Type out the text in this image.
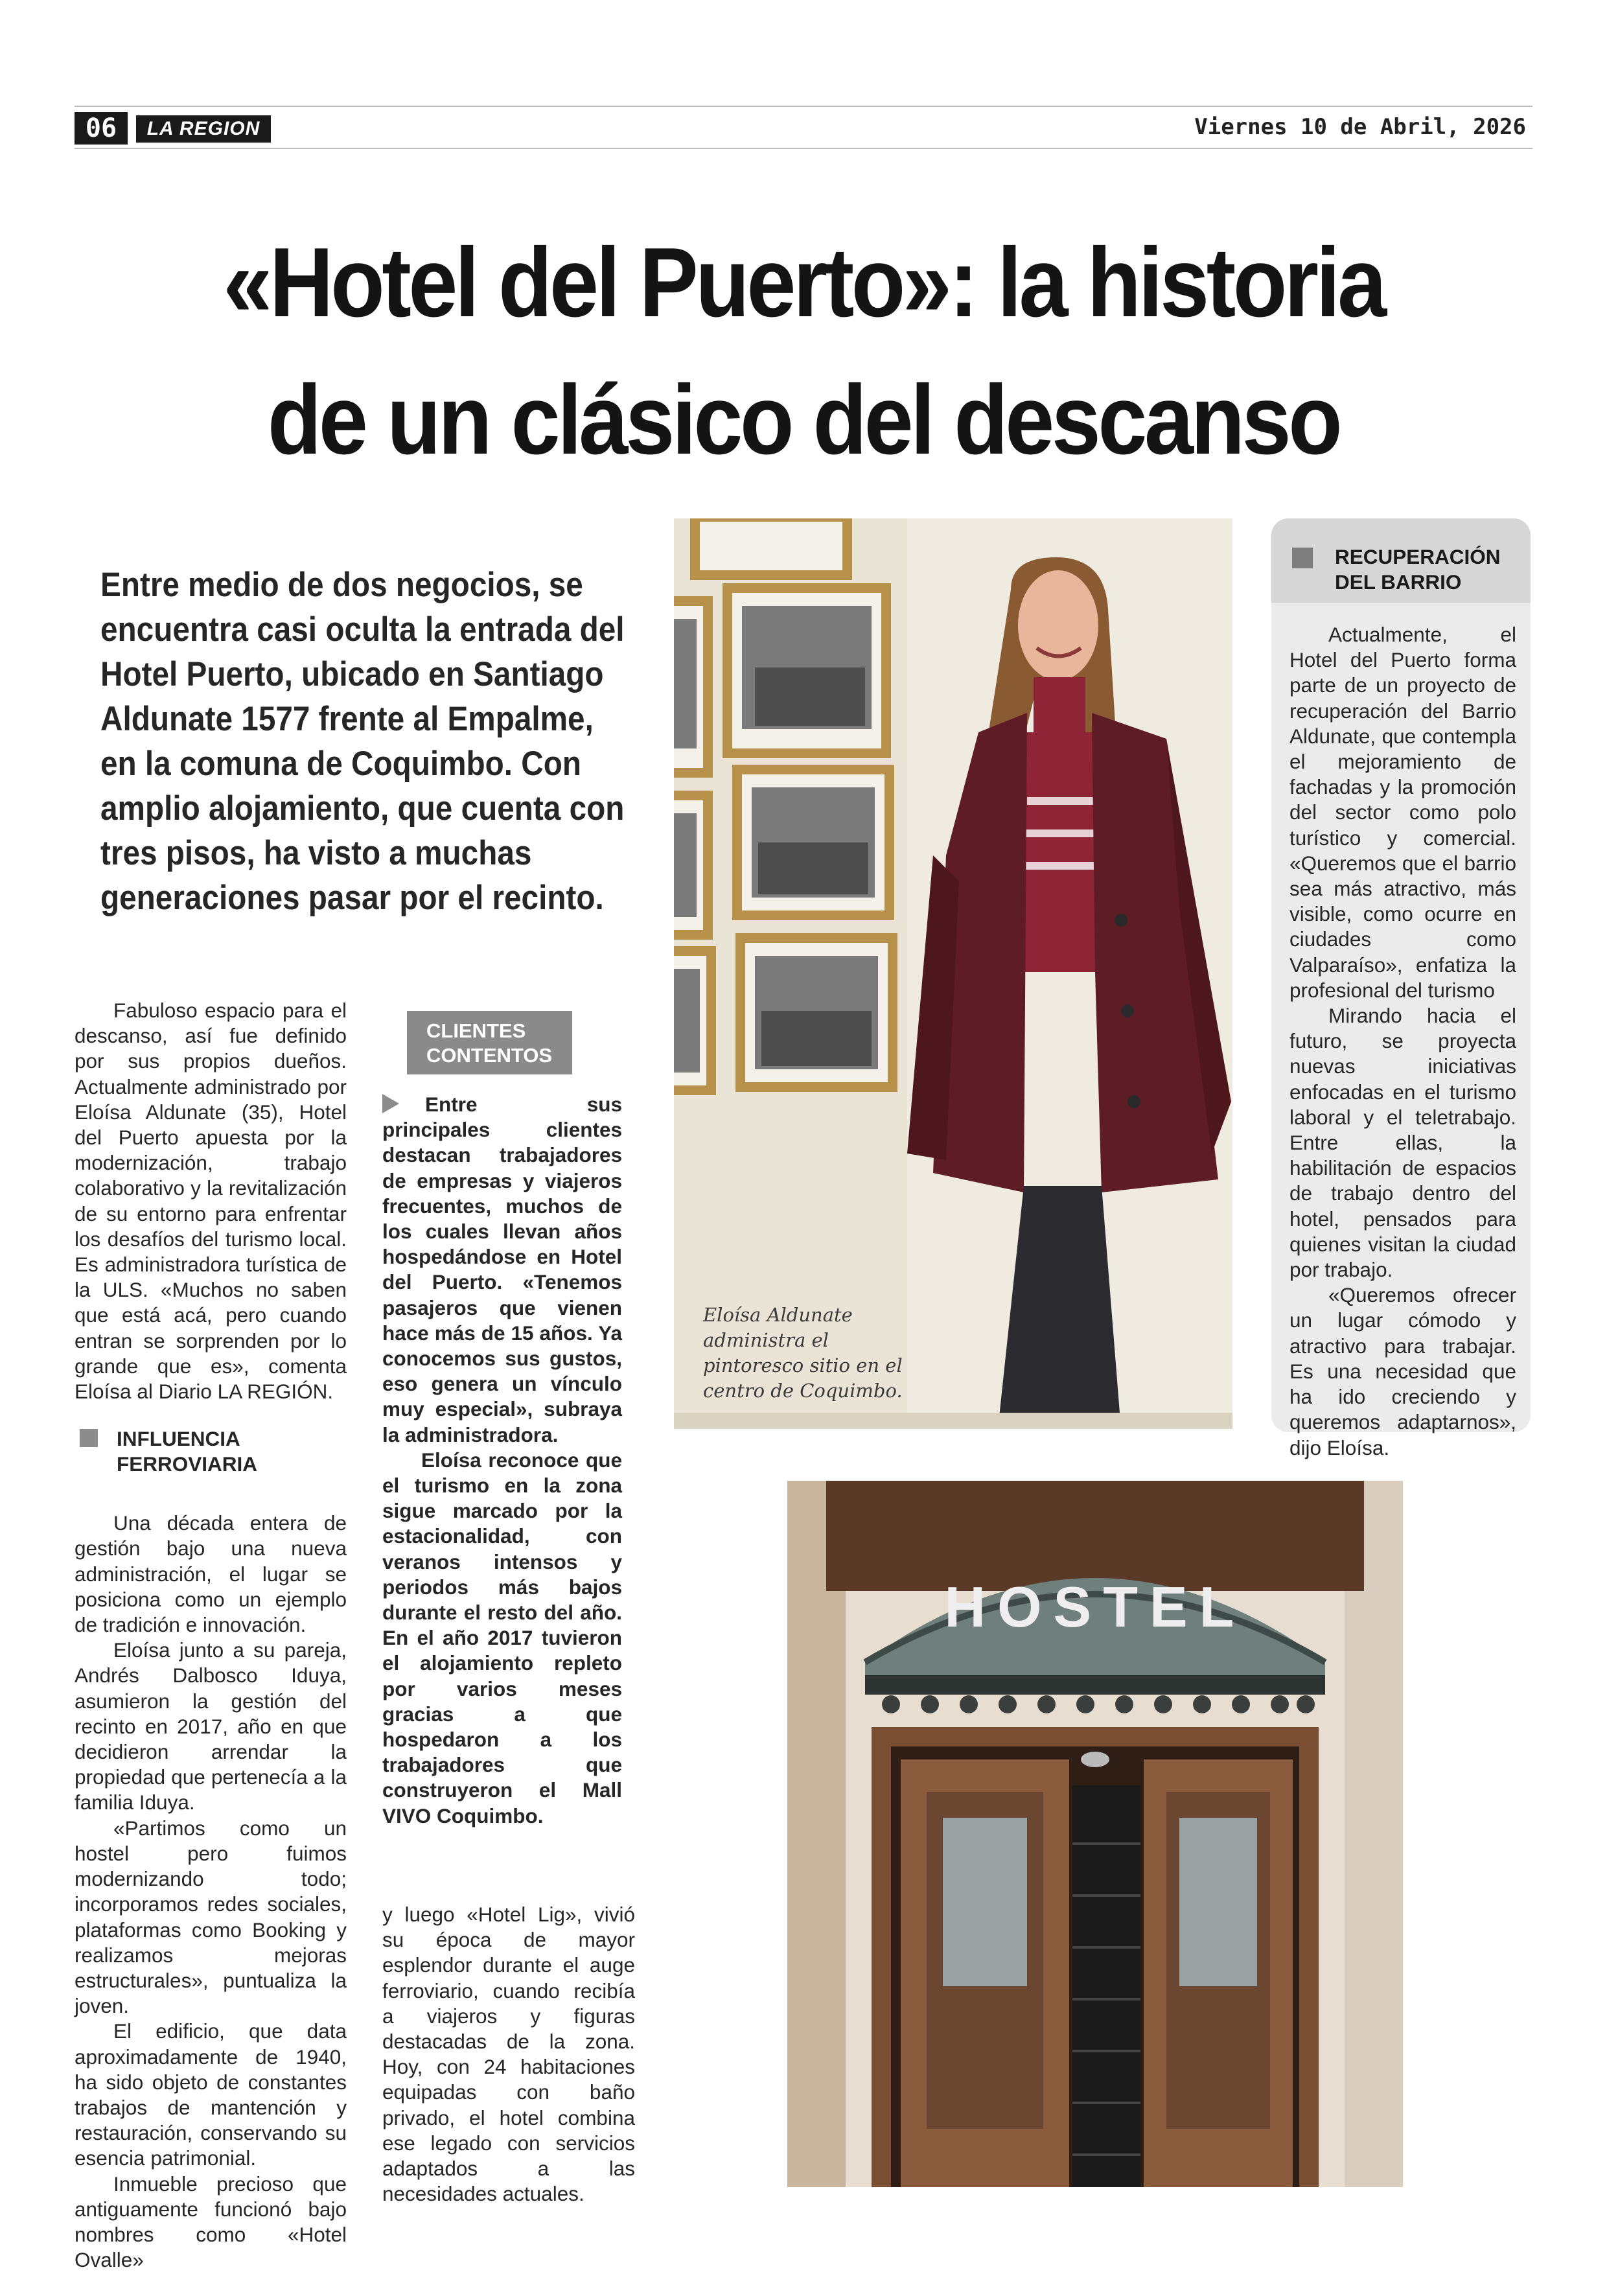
06	LA REGION	Viernes 10 de Abril, 2026
«Hotel del Puerto»: la historia
de un clásico del descanso
Entre medio de dos negocios, se encuentra casi oculta la entrada del Hotel Puerto, ubicado en Santiago Aldunate 1577 frente al Empalme, en la comuna de Coquimbo. Con amplio alojamiento, que cuenta con tres pisos, ha visto a muchas generaciones pasar por el recinto.

Fabuloso espacio para el descanso, así fue definido por sus propios dueños. Actualmente administrado por Eloísa Aldunate (35), Hotel del Puerto apuesta por la modernización, trabajo colaborativo y la revitalización de su entorno para enfrentar los desafíos del turismo local. Es administradora turística de la ULS. «Muchos no saben que está acá, pero cuando entran se sorprenden por lo grande que es», comenta Eloísa al Diario LA REGIÓN.

INFLUENCIA FERROVIARIA

Una década entera de gestión bajo una nueva administración, el lugar se posiciona como un ejemplo de tradición e innovación.

Eloísa junto a su pareja, Andrés Dalbosco Iduya, asumieron la gestión del recinto en 2017, año en que decidieron arrendar la propiedad que pertenecía a la familia Iduya.

«Partimos como un hostel pero fuimos modernizando todo; incorporamos redes sociales, plataformas como Booking y realizamos mejoras estructurales», puntualiza la joven.

El edificio, que data aproximadamente de 1940, ha sido objeto de constantes trabajos de mantención y restauración, conservando su esencia patrimonial.

Inmueble precioso que antiguamente funcionó bajo nombres como «Hotel Ovalle»

CLIENTES
CONTENTOS

Entre sus principales clientes destacan trabajadores de empresas y viajeros frecuentes, muchos de los cuales llevan años hospedándose en Hotel del Puerto. «Tenemos pasajeros que vienen hace más de 15 años. Ya conocemos sus gustos, eso genera un vínculo muy especial», subraya la administradora.

Eloísa reconoce que el turismo en la zona sigue marcado por la estacionalidad, con veranos intensos y periodos más bajos durante el resto del año. En el año 2017 tuvieron el alojamiento repleto por varios meses gracias a que hospedaron a los trabajadores que construyeron el Mall VIVO Coquimbo.

y luego «Hotel Lig», vivió su época de mayor esplendor durante el auge ferroviario, cuando recibía a viajeros y figuras destacadas de la zona. Hoy, con 24 habitaciones equipadas con baño privado, el hotel combina ese legado con servicios adaptados a las necesidades actuales.

Eloísa Aldunate administra el pintoresco sitio en el centro de Coquimbo.
RECUPERACIÓN
DEL BARRIO

Actualmente, el Hotel del Puerto forma parte de un proyecto de recuperación del Barrio Aldunate, que contempla el mejoramiento de fachadas y la promoción del sector como polo turístico y comercial. «Queremos que el barrio sea más atractivo, más visible, como ocurre en ciudades como Valparaíso», enfatiza la profesional del turismo

Mirando hacia el futuro, se proyecta nuevas iniciativas enfocadas en el turismo laboral y el teletrabajo. Entre ellas, la habilitación de espacios de trabajo dentro del hotel, pensados para quienes visitan la ciudad por trabajo.

«Queremos ofrecer un lugar cómodo y atractivo para trabajar. Es una necesidad que ha ido creciendo y queremos adaptarnos», dijo Eloísa.

HOSTEL
